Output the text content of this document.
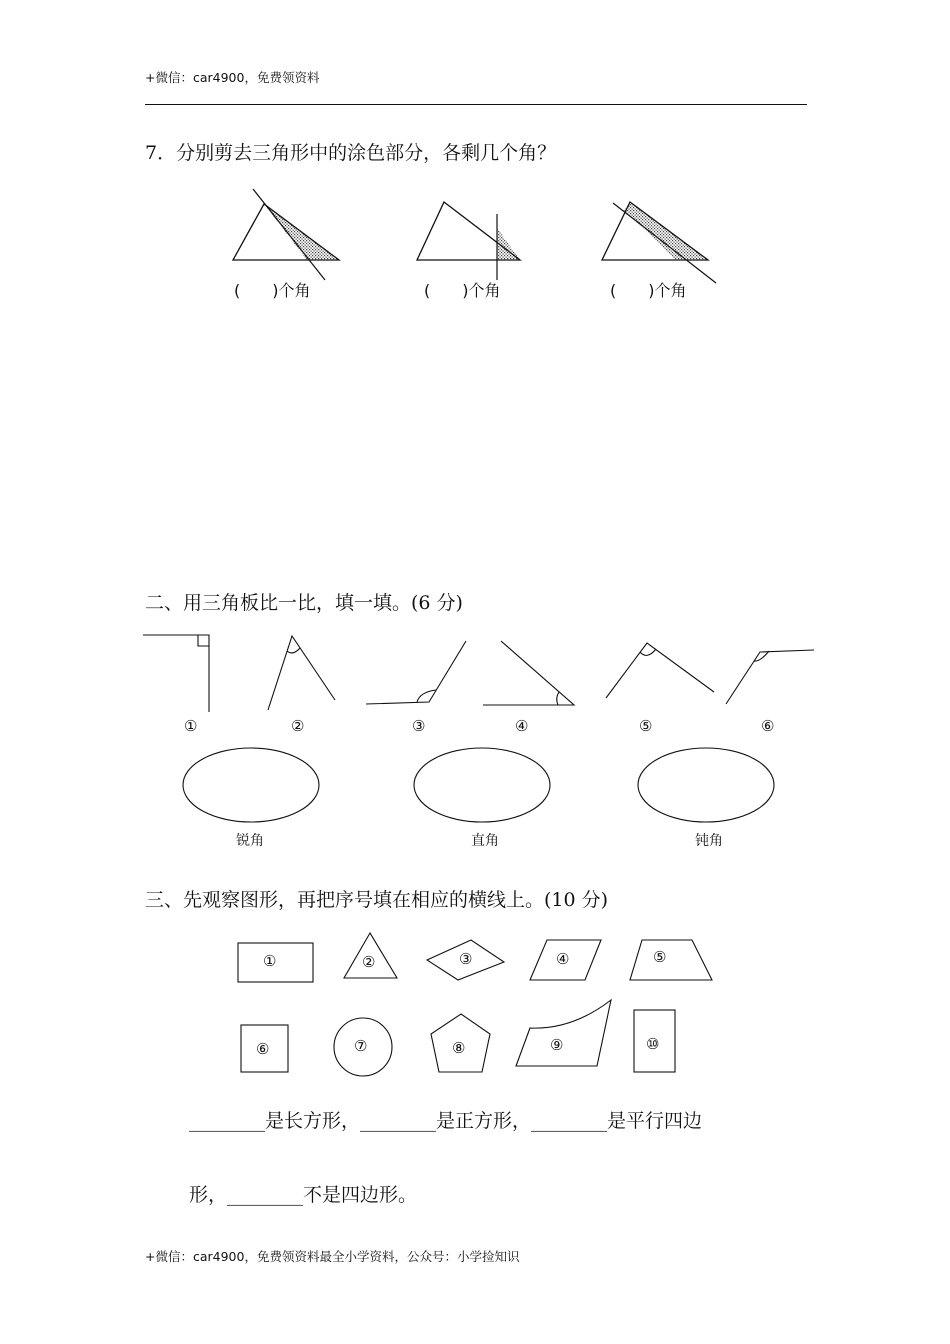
+微信：car4900，免费领资料
7．分别剪去三角形中的涂色部分，各剩几个角？
(　　)个角	(　　)个角	(　　)个角
二、用三角板比一比，填一填。(6 分)
①	②	③	④	⑤	⑥
锐角	直角	钝角
三、先观察图形，再把序号填在相应的横线上。(10 分)
①	②	③	④	⑤
⑥	⑦	⑧	⑨	⑩
________是长方形，________是正方形，________是平行四边
形，________不是四边形。
+微信：car4900，免费领资料最全小学资料，公众号：小学捡知识
